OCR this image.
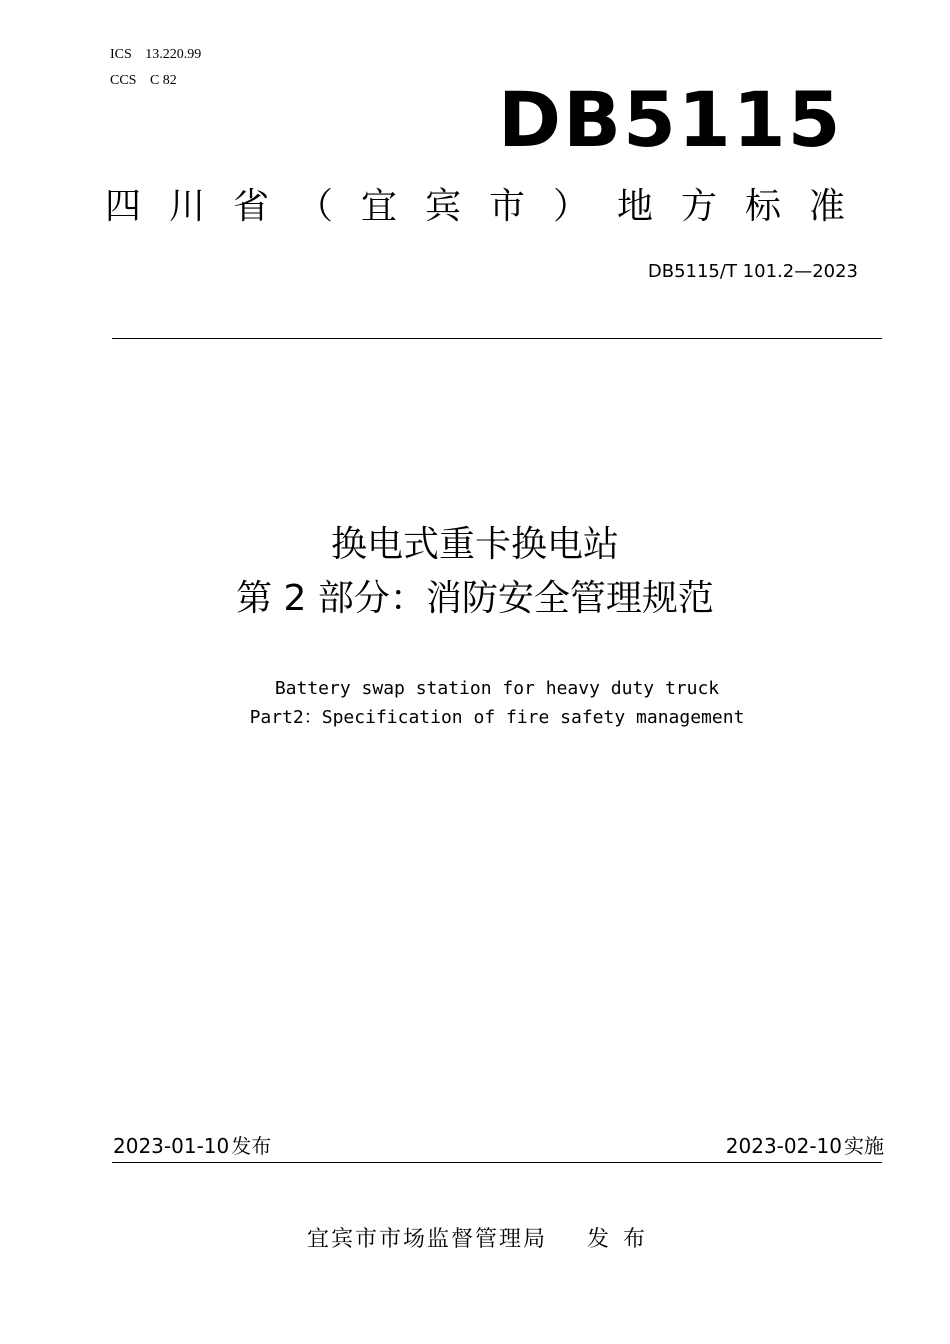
ICS 13.220.99
CCS C 82	DB5115
四川省（宜宾市）地方标准
DB5115/T 101.2—2023
换电式重卡换电站
第 2 部分：消防安全管理规范
Battery swap station for heavy duty truck
Part2：Specification of fire safety management
2023-01-10 发布	2023-02-10 实施
宜宾市市场监督管理局 发布
